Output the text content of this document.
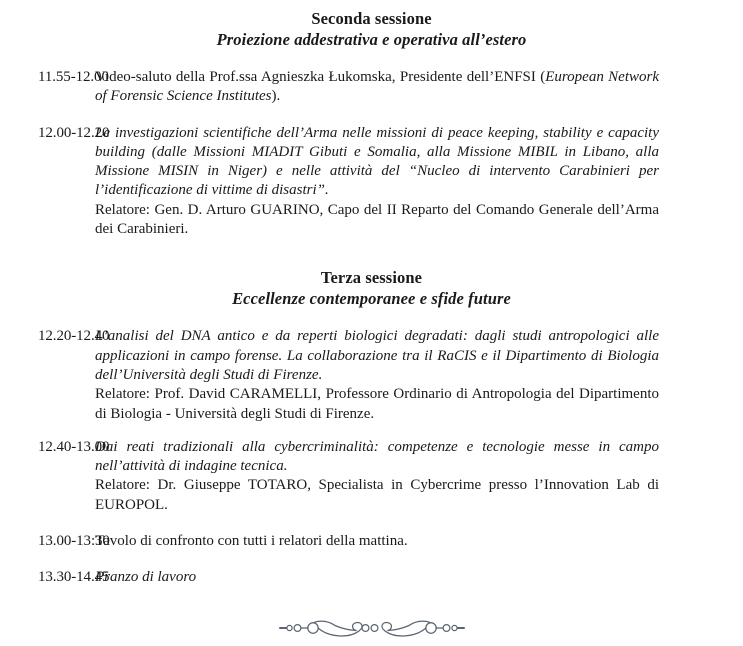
Seconda sessione
Proiezione addestrativa e operativa all’estero
11.55-12.00

Video-saluto della Prof.ssa Agnieszka Łukomska, Presidente dell’ENFSI (European Network of Forensic Science Institutes).

12.00-12.20

Le investigazioni scientifiche dell’Arma nelle missioni di peace keeping, stability e capacity building (dalle Missioni MIADIT Gibuti e Somalia, alla Missione MIBIL in Libano, alla Missione MISIN in Niger) e nelle attività del “Nucleo di intervento Carabinieri per l’identificazione di vittime di disastri”.

Relatore: Gen. D. Arturo GUARINO, Capo del II Reparto del Comando Generale dell’Arma dei Carabinieri.

Terza sessione
Eccellenze contemporanee e sfide future
12.20-12.40

L’analisi del DNA antico e da reperti biologici degradati: dagli studi antropologici alle applicazioni in campo forense. La collaborazione tra il RaCIS e il Dipartimento di Biologia dell’Università degli Studi di Firenze.

Relatore: Prof. David CARAMELLI, Professore Ordinario di Antropologia del Dipartimento di Biologia - Università degli Studi di Firenze.

12.40-13.00

Dai reati tradizionali alla cybercriminalità: competenze e tecnologie messe in campo nell’attività di indagine tecnica.

Relatore: Dr. Giuseppe TOTARO, Specialista in Cybercrime presso l’Innovation Lab di EUROPOL.

13.00-13:30

Tavolo di confronto con tutti i relatori della mattina.

13.30-14.45

Pranzo di lavoro
